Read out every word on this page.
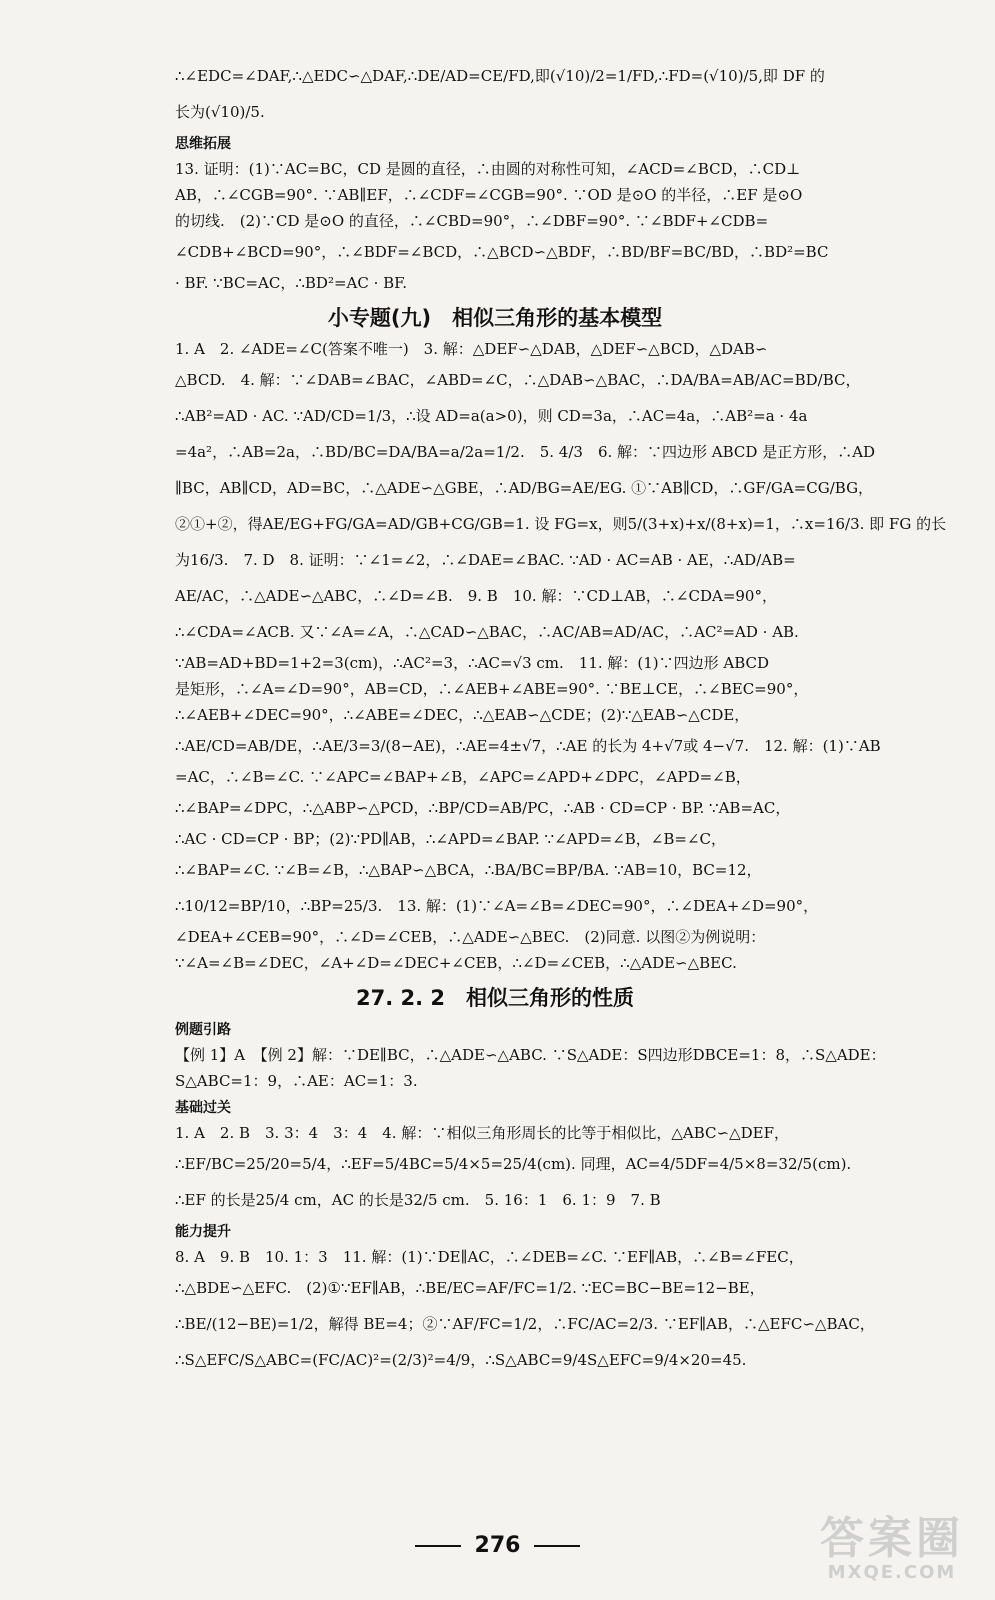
∴∠EDC=∠DAF,∴△EDC∽△DAF,∴DE/AD=CE/FD,即(√10)/2=1/FD,∴FD=(√10)/5,即 DF 的

长为(√10)/5.

思维拓展

13. 证明：(1)∵AC=BC，CD 是圆的直径，∴由圆的对称性可知，∠ACD=∠BCD，∴CD⊥

AB，∴∠CGB=90°. ∵AB∥EF，∴∠CDF=∠CGB=90°. ∵OD 是⊙O 的半径，∴EF 是⊙O

的切线.　(2)∵CD 是⊙O 的直径，∴∠CBD=90°，∴∠DBF=90°. ∵∠BDF+∠CDB=

∠CDB+∠BCD=90°，∴∠BDF=∠BCD，∴△BCD∽△BDF，∴BD/BF=BC/BD，∴BD²=BC

· BF. ∵BC=AC，∴BD²=AC · BF.

小专题(九)　相似三角形的基本模型

1. A　2. ∠ADE=∠C(答案不唯一)　3. 解：△DEF∽△DAB，△DEF∽△BCD，△DAB∽

△BCD.　4. 解：∵∠DAB=∠BAC，∠ABD=∠C，∴△DAB∽△BAC，∴DA/BA=AB/AC=BD/BC，

∴AB²=AD · AC. ∵AD/CD=1/3，∴设 AD=a(a>0)，则 CD=3a，∴AC=4a，∴AB²=a · 4a

=4a²，∴AB=2a，∴BD/BC=DA/BA=a/2a=1/2.　5. 4/3　6. 解：∵四边形 ABCD 是正方形，∴AD

∥BC，AB∥CD，AD=BC，∴△ADE∽△GBE，∴AD/BG=AE/EG. ①∵AB∥CD，∴GF/GA=CG/BG，

②①+②，得AE/EG+FG/GA=AD/GB+CG/GB=1. 设 FG=x，则5/(3+x)+x/(8+x)=1，∴x=16/3. 即 FG 的长

为16/3.　7. D　8. 证明：∵∠1=∠2，∴∠DAE=∠BAC. ∵AD · AC=AB · AE，∴AD/AB=

AE/AC，∴△ADE∽△ABC，∴∠D=∠B.　9. B　10. 解：∵CD⊥AB，∴∠CDA=90°，

∴∠CDA=∠ACB. 又∵∠A=∠A，∴△CAD∽△BAC，∴AC/AB=AD/AC，∴AC²=AD · AB.

∵AB=AD+BD=1+2=3(cm)，∴AC²=3，∴AC=√3 cm.　11. 解：(1)∵四边形 ABCD

是矩形，∴∠A=∠D=90°，AB=CD，∴∠AEB+∠ABE=90°. ∵BE⊥CE，∴∠BEC=90°，

∴∠AEB+∠DEC=90°，∴∠ABE=∠DEC，∴△EAB∽△CDE；(2)∵△EAB∽△CDE，

∴AE/CD=AB/DE，∴AE/3=3/(8−AE)，∴AE=4±√7，∴AE 的长为 4+√7或 4−√7.　12. 解：(1)∵AB

=AC，∴∠B=∠C. ∵∠APC=∠BAP+∠B，∠APC=∠APD+∠DPC，∠APD=∠B，

∴∠BAP=∠DPC，∴△ABP∽△PCD，∴BP/CD=AB/PC，∴AB · CD=CP · BP. ∵AB=AC，

∴AC · CD=CP · BP；(2)∵PD∥AB，∴∠APD=∠BAP. ∵∠APD=∠B，∠B=∠C，

∴∠BAP=∠C. ∵∠B=∠B，∴△BAP∽△BCA，∴BA/BC=BP/BA. ∵AB=10，BC=12，

∴10/12=BP/10，∴BP=25/3.　13. 解：(1)∵∠A=∠B=∠DEC=90°，∴∠DEA+∠D=90°，

∠DEA+∠CEB=90°，∴∠D=∠CEB，∴△ADE∽△BEC.　(2)同意. 以图②为例说明：

∵∠A=∠B=∠DEC，∠A+∠D=∠DEC+∠CEB，∴∠D=∠CEB，∴△ADE∽△BEC.

27. 2. 2　相似三角形的性质
例题引路

【例 1】A　【例 2】解：∵DE∥BC，∴△ADE∽△ABC. ∵S△ADE：S四边形DBCE=1：8，∴S△ADE：

S△ABC=1：9，∴AE：AC=1：3.

基础过关

1. A　2. B　3. 3：4　3：4　4. 解：∵相似三角形周长的比等于相似比，△ABC∽△DEF，

∴EF/BC=25/20=5/4，∴EF=5/4BC=5/4×5=25/4(cm). 同理，AC=4/5DF=4/5×8=32/5(cm).

∴EF 的长是25/4 cm，AC 的长是32/5 cm.　5. 16：1　6. 1：9　7. B

能力提升

8. A　9. B　10. 1：3　11. 解：(1)∵DE∥AC，∴∠DEB=∠C. ∵EF∥AB，∴∠B=∠FEC，

∴△BDE∽△EFC.　(2)①∵EF∥AB，∴BE/EC=AF/FC=1/2. ∵EC=BC−BE=12−BE，

∴BE/(12−BE)=1/2，解得 BE=4；②∵AF/FC=1/2，∴FC/AC=2/3. ∵EF∥AB，∴△EFC∽△BAC，

∴S△EFC/S△ABC=(FC/AC)²=(2/3)²=4/9，∴S△ABC=9/4S△EFC=9/4×20=45.

276	答案圈
MXQE.COM
